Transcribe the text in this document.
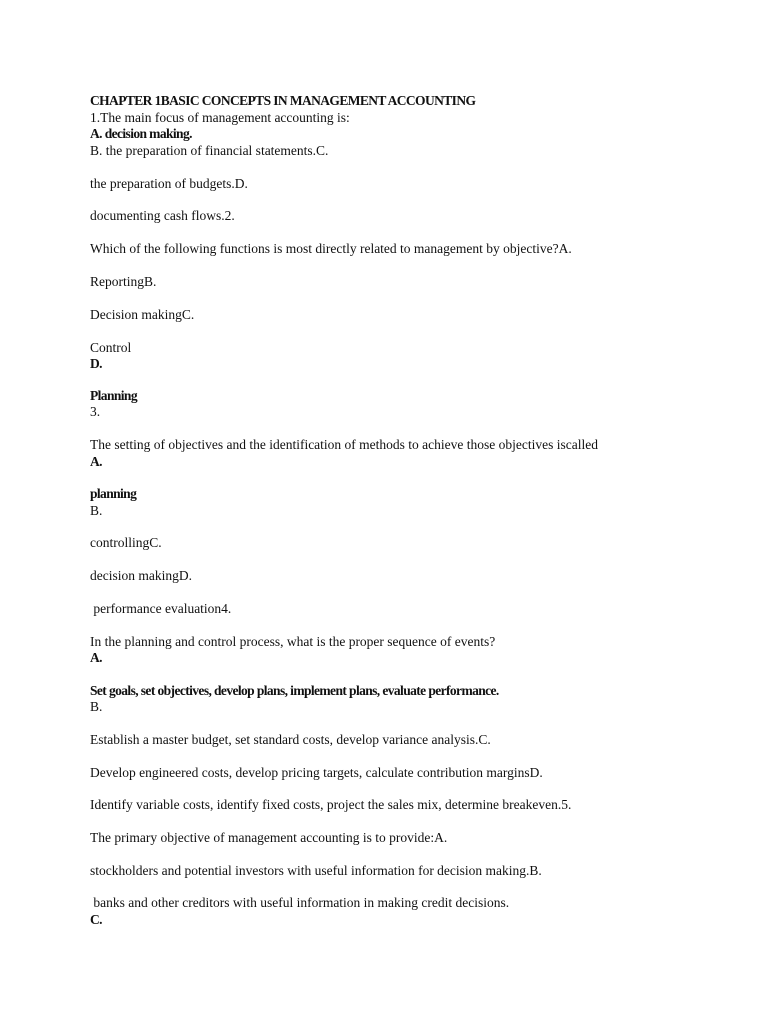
CHAPTER 1BASIC CONCEPTS IN MANAGEMENT ACCOUNTING

1.The main focus of management accounting is:

A. decision making.

B. the preparation of financial statements.C.

the preparation of budgets.D.

documenting cash flows.2.

Which of the following functions is most directly related to management by objective?A.

ReportingB.

Decision makingC.

Control

D.

Planning

3.

The setting of objectives and the identification of methods to achieve those objectives iscalled

A.

planning

B.

controllingC.

decision makingD.

performance evaluation4.

In the planning and control process, what is the proper sequence of events?

A.

Set goals, set objectives, develop plans, implement plans, evaluate performance.

B.

Establish a master budget, set standard costs, develop variance analysis.C.

Develop engineered costs, develop pricing targets, calculate contribution marginsD.

Identify variable costs, identify fixed costs, project the sales mix, determine breakeven.5.

The primary objective of management accounting is to provide:A.

stockholders and potential investors with useful information for decision making.B.

banks and other creditors with useful information in making credit decisions.

C.
